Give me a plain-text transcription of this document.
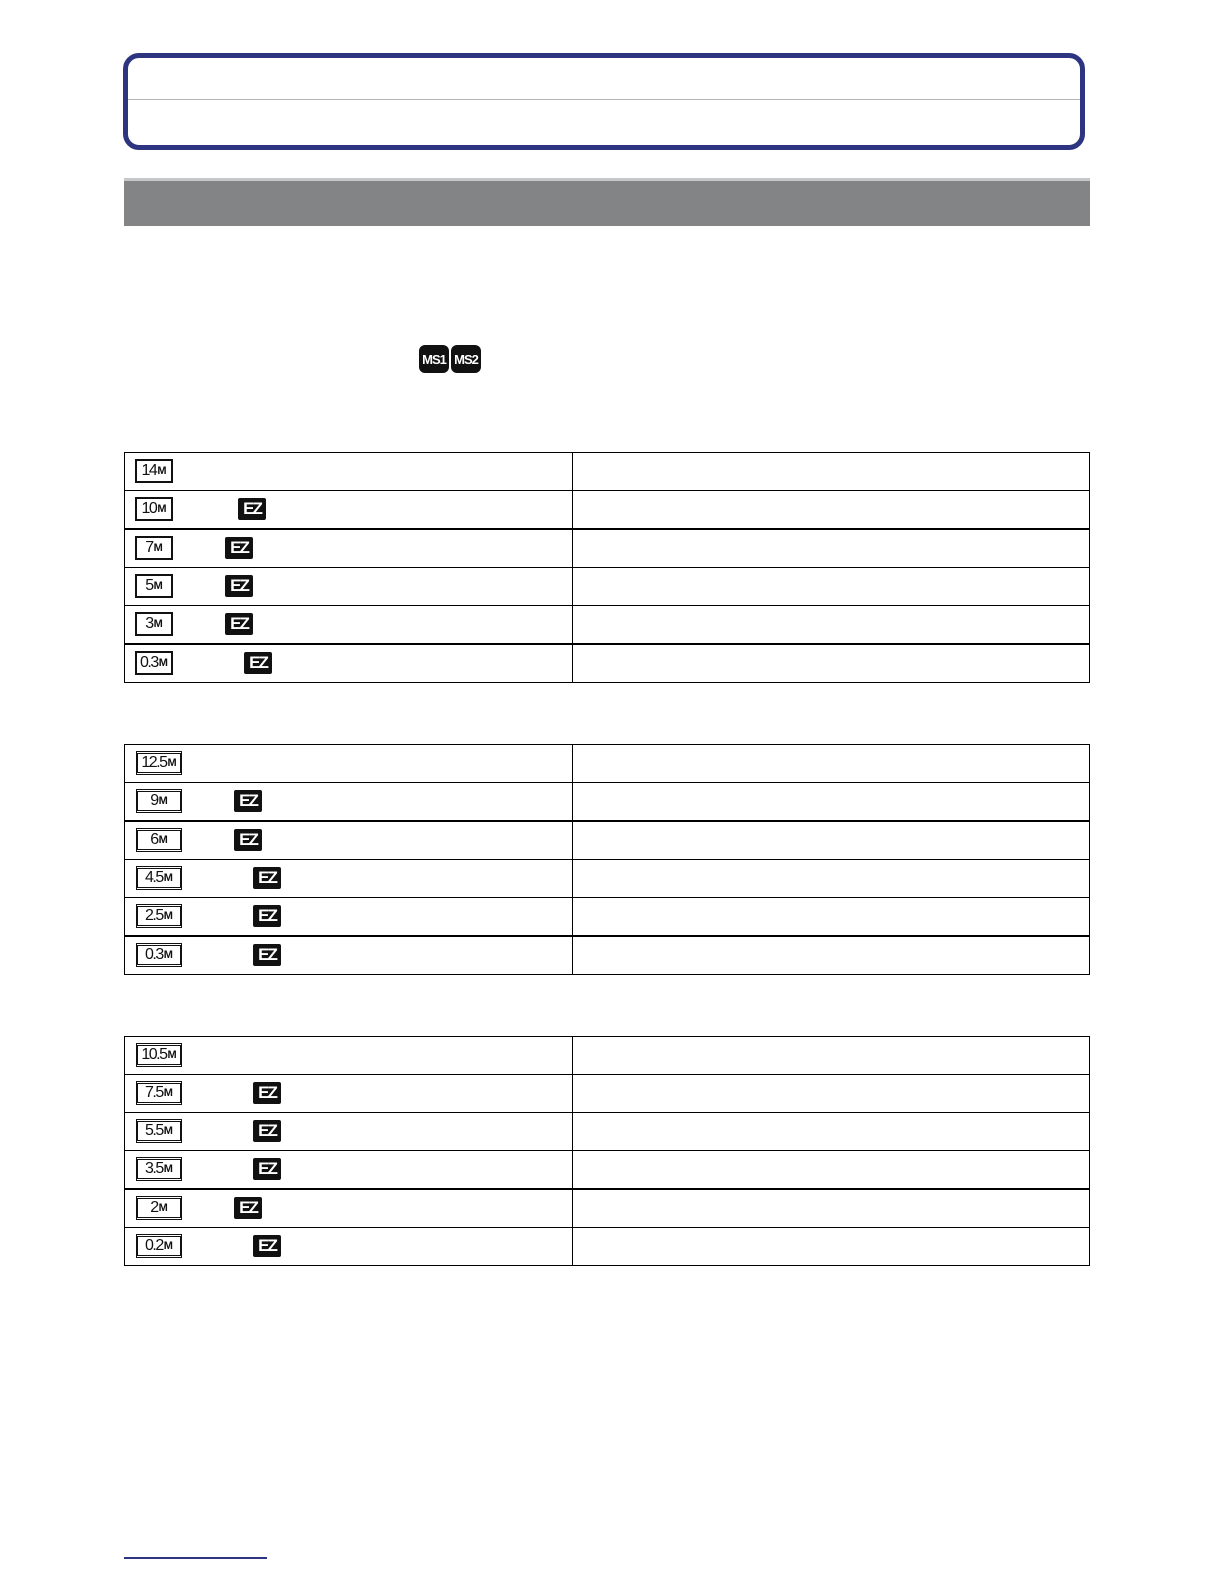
MS1 MS2
14 M	

10 M EZ	

7 M EZ	

5 M EZ	

3 M EZ	

0.3 M EZ	

12.5 M	

9 M EZ	

6 M EZ	

4.5 M EZ	

2.5 M EZ	

0.3 M EZ	

10.5 M	

7.5 M EZ	

5.5 M EZ	

3.5 M EZ	

2 M EZ	

0.2 M EZ	
